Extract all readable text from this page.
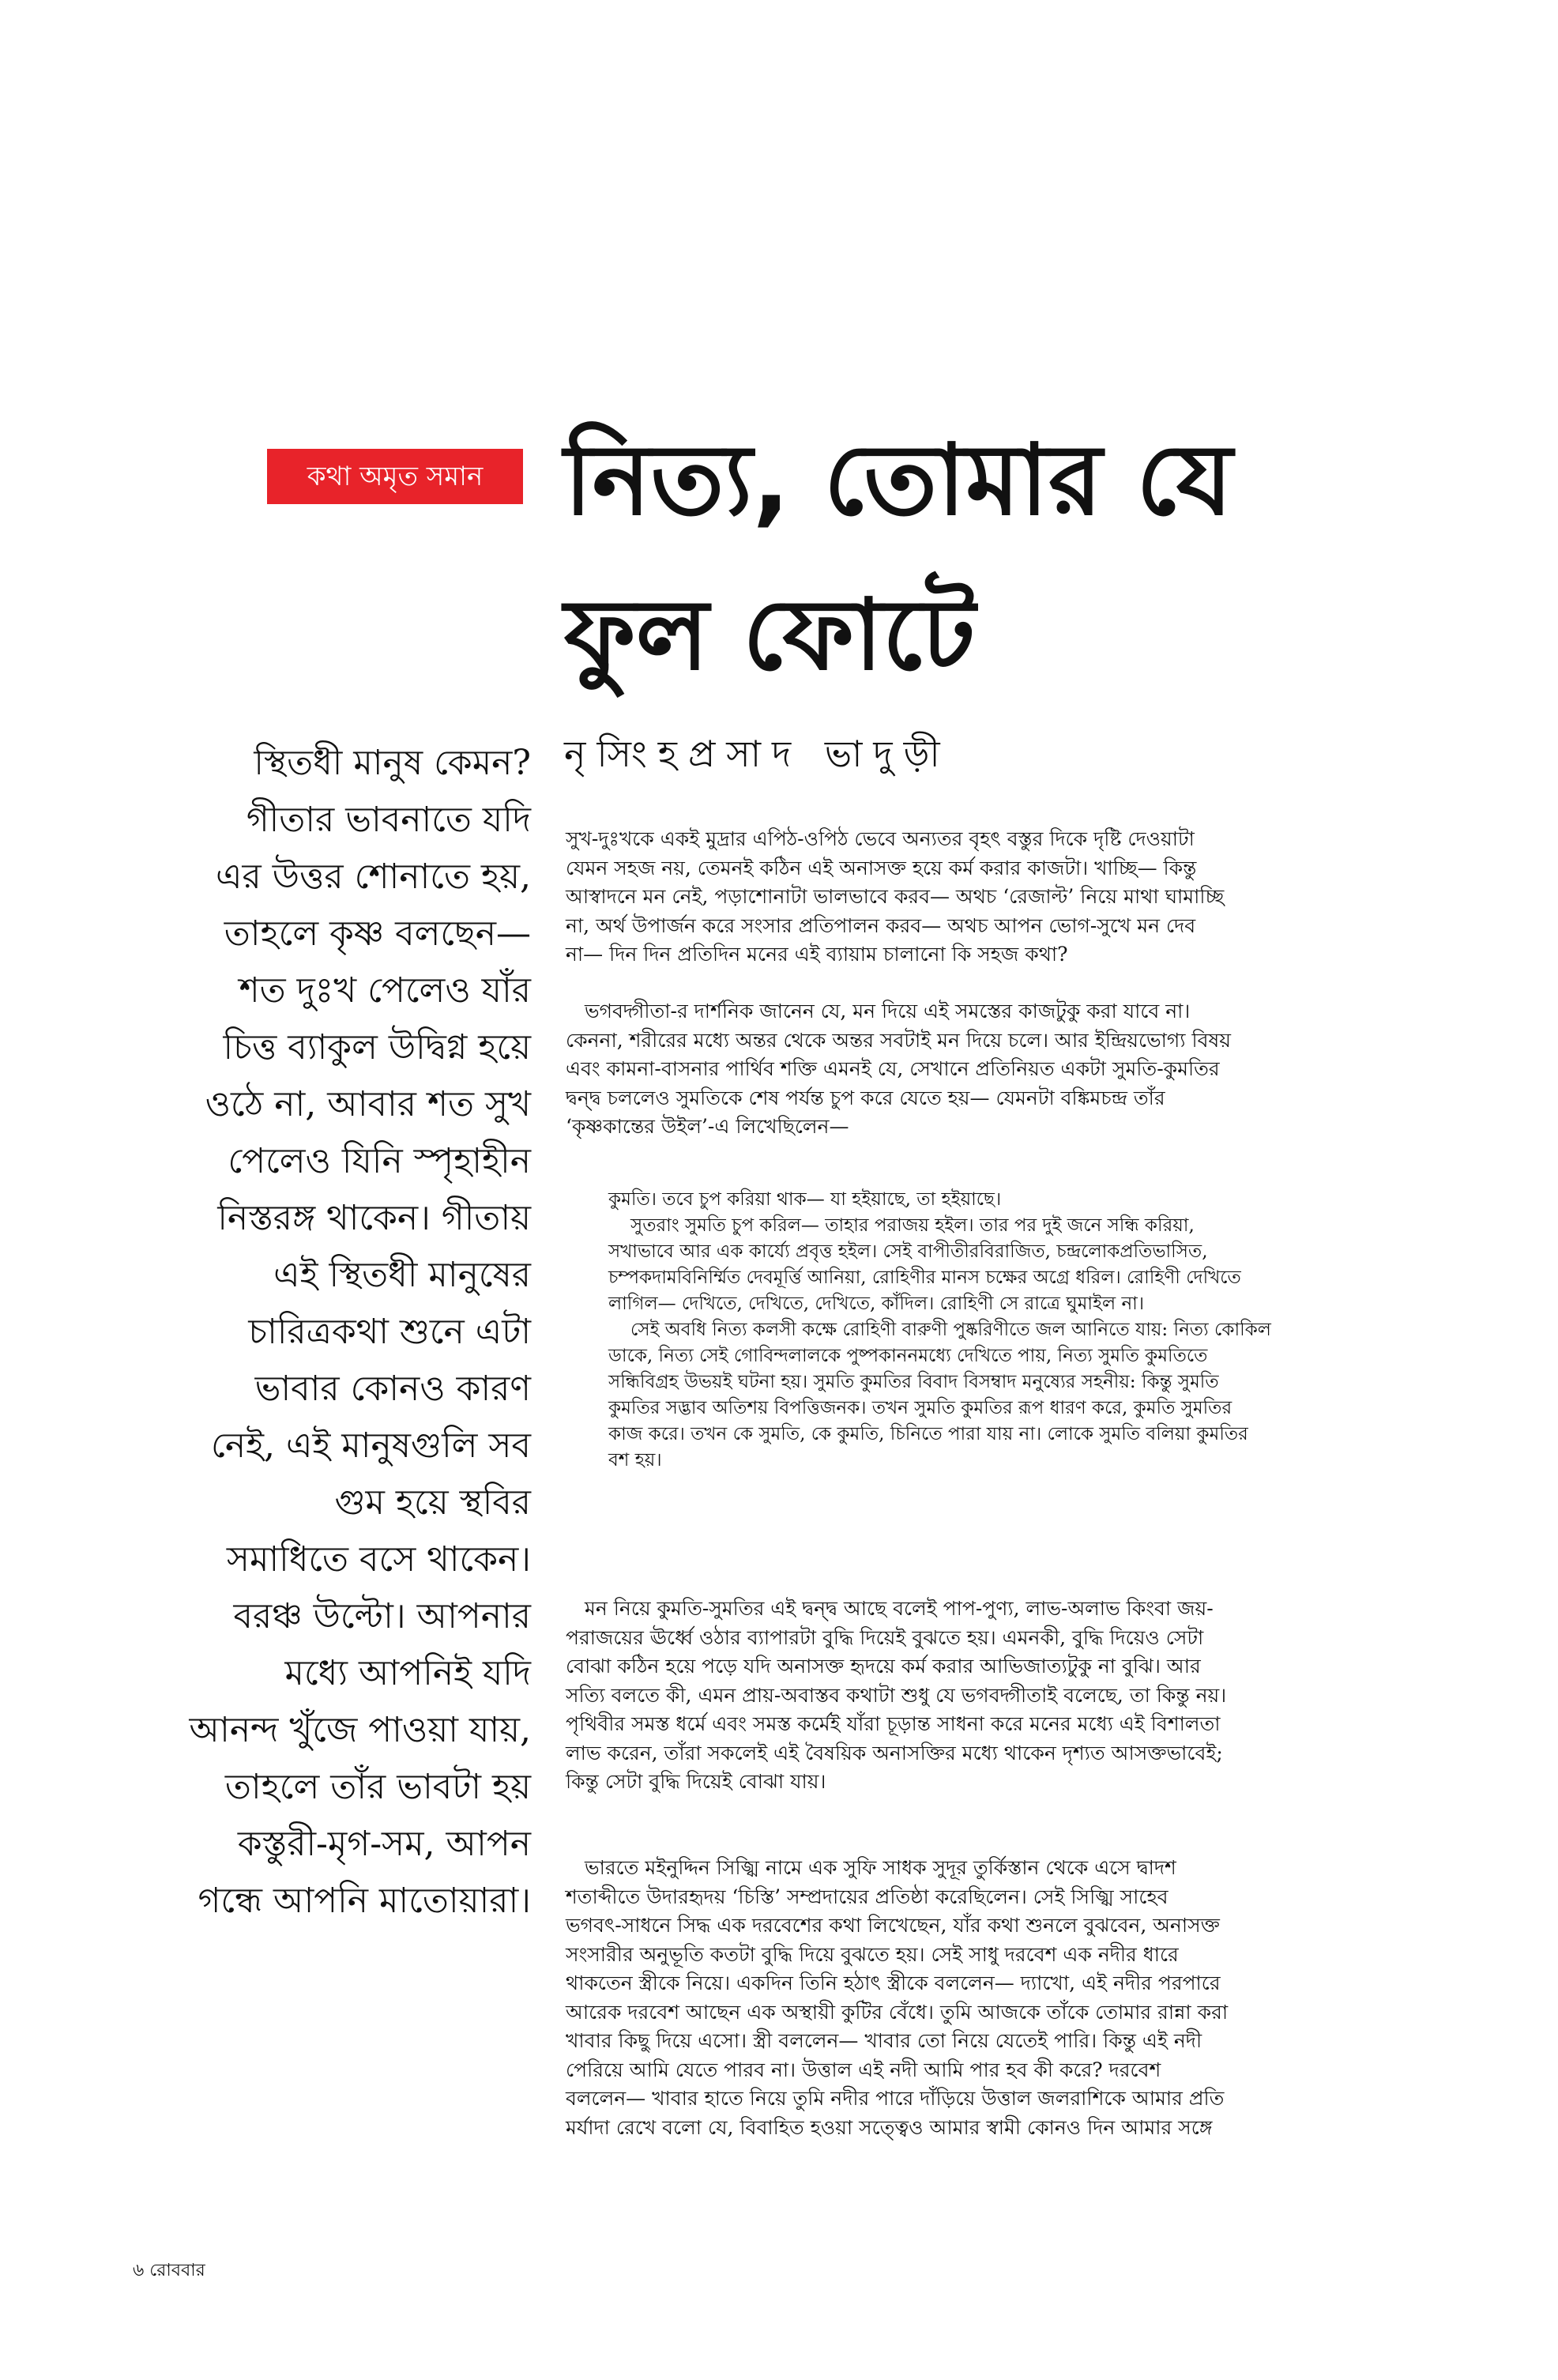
কথা অমৃত সমান নিত্য, তোমার যে
ফুল ফোটে
নৃসিংহপ্রসাদ ভাদুড়ী
স্থিতধী মানুষ কেমন?
গীতার ভাবনাতে যদি
এর উত্তর শোনাতে হয়,
তাহলে কৃষ্ণ বলছেন—
শত দুঃখ পেলেও যাঁর
চিত্ত ব্যাকুল উদ্বিগ্ন হয়ে
ওঠে না, আবার শত সুখ
পেলেও যিনি স্পৃহাহীন
নিস্তরঙ্গ থাকেন। গীতায়
এই স্থিতধী মানুষের
চারিত্রকথা শুনে এটা
ভাবার কোনও কারণ
নেই, এই মানুষগুলি সব
গুম হয়ে স্থবির
সমাধিতে বসে থাকেন।
বরঞ্চ উল্টো। আপনার
মধ্যে আপনিই যদি
আনন্দ খুঁজে পাওয়া যায়,
তাহলে তাঁর ভাবটা হয়
কস্তুরী-মৃগ-সম, আপন
গন্ধে আপনি মাতোয়ারা।
সুখ-দুঃখকে একই মুদ্রার এপিঠ-ওপিঠ ভেবে অন্যতর বৃহৎ বস্তুর দিকে দৃষ্টি দেওয়াটা
যেমন সহজ নয়, তেমনই কঠিন এই অনাসক্ত হয়ে কর্ম করার কাজটা। খাচ্ছি— কিন্তু
আস্বাদনে মন নেই, পড়াশোনাটা ভালভাবে করব— অথচ ‘রেজাল্ট’ নিয়ে মাথা ঘামাচ্ছি
না, অর্থ উপার্জন করে সংসার প্রতিপালন করব— অথচ আপন ভোগ-সুখে মন দেব
না— দিন দিন প্রতিদিন মনের এই ব্যায়াম চালানো কি সহজ কথা?
ভগবদ্গীতা-র দার্শনিক জানেন যে, মন দিয়ে এই সমস্তের কাজটুকু করা যাবে না।
কেননা, শরীরের মধ্যে অন্তর থেকে অন্তর সবটাই মন দিয়ে চলে। আর ইন্দ্রিয়ভোগ্য বিষয়
এবং কামনা-বাসনার পার্থিব শক্তি এমনই যে, সেখানে প্রতিনিয়ত একটা সুমতি-কুমতির
দ্বন্দ্ব চললেও সুমতিকে শেষ পর্যন্ত চুপ করে যেতে হয়— যেমনটা বঙ্কিমচন্দ্র তাঁর
‘কৃষ্ণকান্তের উইল’-এ লিখেছিলেন—
কুমতি। তবে চুপ করিয়া থাক— যা হইয়াছে, তা হইয়াছে।
সুতরাং সুমতি চুপ করিল— তাহার পরাজয় হইল। তার পর দুই জনে সন্ধি করিয়া,
সখাভাবে আর এক কার্য্যে প্রবৃত্ত হইল। সেই বাপীতীরবিরাজিত, চন্দ্রলোকপ্রতিভাসিত,
চম্পকদামবিনির্ম্মিত দেবমূর্ত্তি আনিয়া, রোহিণীর মানস চক্ষের অগ্রে ধরিল। রোহিণী দেখিতে
লাগিল— দেখিতে, দেখিতে, দেখিতে, কাঁদিল। রোহিণী সে রাত্রে ঘুমাইল না।
সেই অবধি নিত্য কলসী কক্ষে রোহিণী বারুণী পুষ্করিণীতে জল আনিতে যায়: নিত্য কোকিল
ডাকে, নিত্য সেই গোবিন্দলালকে পুষ্পকাননমধ্যে দেখিতে পায়, নিত্য সুমতি কুমতিতে
সন্ধিবিগ্রহ উভয়ই ঘটনা হয়। সুমতি কুমতির বিবাদ বিসম্বাদ মনুষ্যের সহনীয়: কিন্তু সুমতি
কুমতির সদ্ভাব অতিশয় বিপত্তিজনক। তখন সুমতি কুমতির রূপ ধারণ করে, কুমতি সুমতির
কাজ করে। তখন কে সুমতি, কে কুমতি, চিনিতে পারা যায় না। লোকে সুমতি বলিয়া কুমতির
বশ হয়।
মন নিয়ে কুমতি-সুমতির এই দ্বন্দ্ব আছে বলেই পাপ-পুণ্য, লাভ-অলাভ কিংবা জয়-
পরাজয়ের ঊর্ধ্বে ওঠার ব্যাপারটা বুদ্ধি দিয়েই বুঝতে হয়। এমনকী, বুদ্ধি দিয়েও সেটা
বোঝা কঠিন হয়ে পড়ে যদি অনাসক্ত হৃদয়ে কর্ম করার আভিজাত্যটুকু না বুঝি। আর
সত্যি বলতে কী, এমন প্রায়-অবাস্তব কথাটা শুধু যে ভগবদ্গীতাই বলেছে, তা কিন্তু নয়।
পৃথিবীর সমস্ত ধর্মে এবং সমস্ত কর্মেই যাঁরা চূড়ান্ত সাধনা করে মনের মধ্যে এই বিশালতা
লাভ করেন, তাঁরা সকলেই এই বৈষয়িক অনাসক্তির মধ্যে থাকেন দৃশ্যত আসক্তভাবেই;
কিন্তু সেটা বুদ্ধি দিয়েই বোঝা যায়।
ভারতে মইনুদ্দিন সিজ্ঝি নামে এক সুফি সাধক সুদূর তুর্কিস্তান থেকে এসে দ্বাদশ
শতাব্দীতে উদারহৃদয় ‘চিস্তি’ সম্প্রদায়ের প্রতিষ্ঠা করেছিলেন। সেই সিজ্ঝি সাহেব
ভগবৎ-সাধনে সিদ্ধ এক দরবেশের কথা লিখেছেন, যাঁর কথা শুনলে বুঝবেন, অনাসক্ত
সংসারীর অনুভূতি কতটা বুদ্ধি দিয়ে বুঝতে হয়। সেই সাধু দরবেশ এক নদীর ধারে
থাকতেন স্ত্রীকে নিয়ে। একদিন তিনি হঠাৎ স্ত্রীকে বললেন— দ্যাখো, এই নদীর পরপারে
আরেক দরবেশ আছেন এক অস্থায়ী কুটির বেঁধে। তুমি আজকে তাঁকে তোমার রান্না করা
খাবার কিছু দিয়ে এসো। স্ত্রী বললেন— খাবার তো নিয়ে যেতেই পারি। কিন্তু এই নদী
পেরিয়ে আমি যেতে পারব না। উত্তাল এই নদী আমি পার হব কী করে? দরবেশ
বললেন— খাবার হাতে নিয়ে তুমি নদীর পারে দাঁড়িয়ে উত্তাল জলরাশিকে আমার প্রতি
মর্যাদা রেখে বলো যে, বিবাহিত হওয়া সত্ত্বেও আমার স্বামী কোনও দিন আমার সঙ্গে
৬ রোববার
